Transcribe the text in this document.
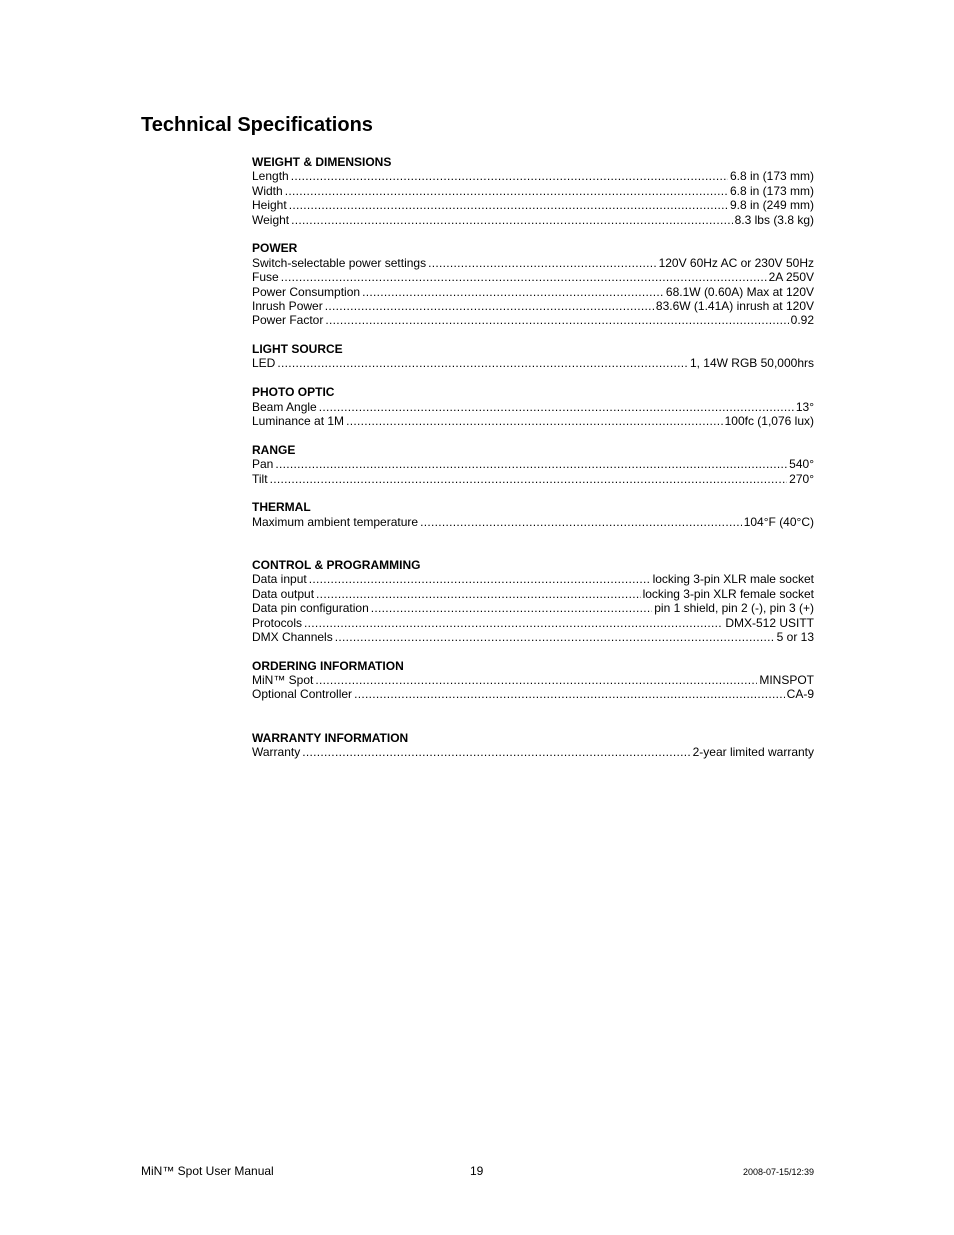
Technical Specifications
WEIGHT & DIMENSIONS
Length .....	6.8 in (173 mm)
Width .....	6.8 in (173 mm)
Height .....	9.8 in (249 mm)
Weight .....	8.3 lbs (3.8 kg)
POWER
Switch-selectable power settings .....	120V 60Hz AC or 230V 50Hz
Fuse .....	2A 250V
Power Consumption .....	68.1W (0.60A) Max at 120V
Inrush Power .....	83.6W (1.41A) inrush at 120V
Power Factor .....	0.92
LIGHT SOURCE
LED .....	1, 14W RGB 50,000hrs
PHOTO OPTIC
Beam Angle .....	13°
Luminance at 1M .....	100fc (1,076 lux)
RANGE
Pan .....	540°
Tilt .....	270°
THERMAL
Maximum ambient temperature .....	104°F (40°C)
CONTROL & PROGRAMMING
Data input .....	locking 3-pin XLR male socket
Data output .....	locking 3-pin XLR female socket
Data pin configuration .....	pin 1 shield, pin 2 (-), pin 3 (+)
Protocols .....	DMX-512 USITT
DMX Channels .....	5 or 13
ORDERING INFORMATION
MiN™ Spot .....	MINSPOT
Optional Controller .....	CA-9
WARRANTY INFORMATION
Warranty .....	2-year limited warranty
MiN™ Spot User Manual	19	2008-07-15/12:39
